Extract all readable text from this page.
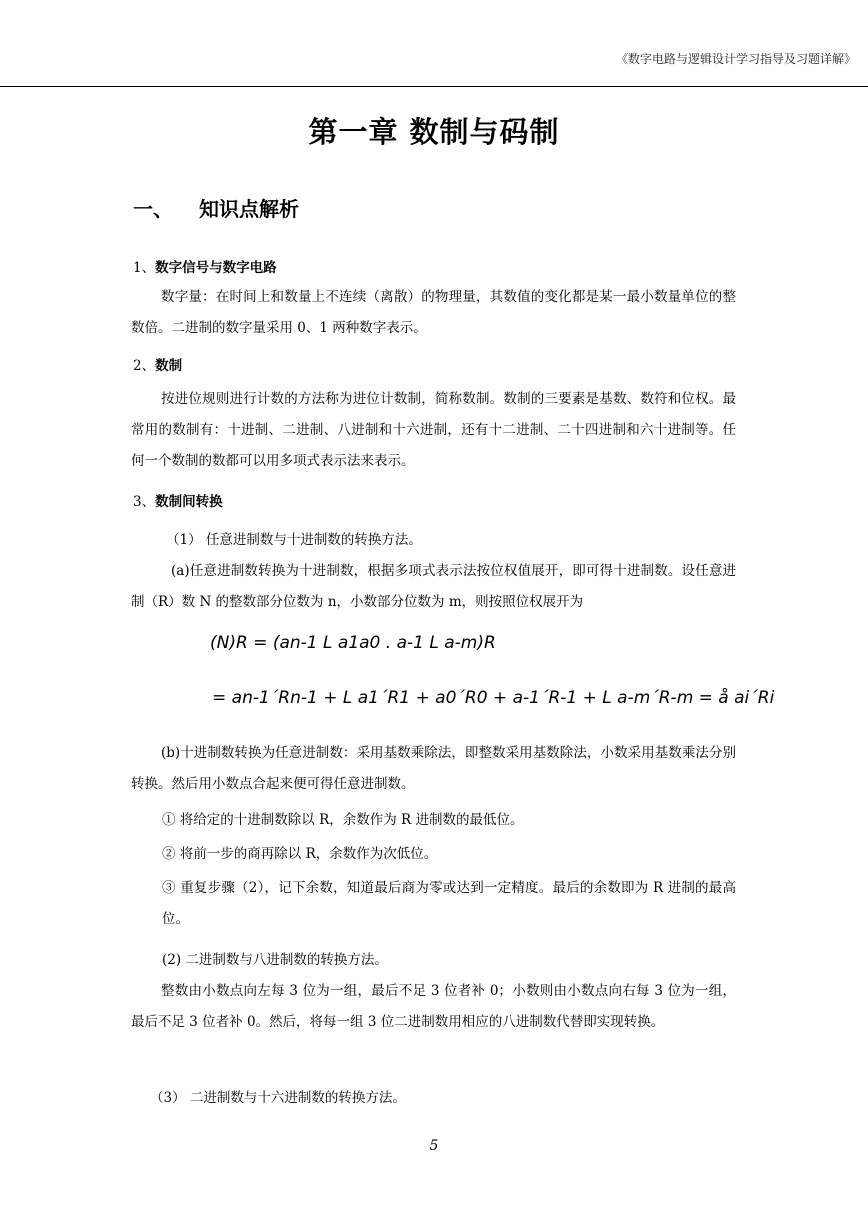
《数字电路与逻辑设计学习指导及习题详解》
第一章 数制与码制
一、 知识点解析
1、数字信号与数字电路
数字量：在时间上和数量上不连续（离散）的物理量，其数值的变化都是某一最小数量单位的整数倍。二进制的数字量采用 0、1 两种数字表示。
2、数制
按进位规则进行计数的方法称为进位计数制，简称数制。数制的三要素是基数、数符和位权。最常用的数制有：十进制、二进制、八进制和十六进制，还有十二进制、二十四进制和六十进制等。任何一个数制的数都可以用多项式表示法来表示。
3、数制间转换
（1） 任意进制数与十进制数的转换方法。
(a)任意进制数转换为十进制数，根据多项式表示法按位权值展开，即可得十进制数。设任意进制（R）数 N 的整数部分位数为 n，小数部分位数为 m，则按照位权展开为
(N)R = (an-1 L a1a0 . a-1 L a-m)R
= an-1´Rn-1 + L a1´R1 + a0´R0 + a-1´R-1 + L a-m´R-m = å ai´Ri
(b)十进制数转换为任意进制数：采用基数乘除法，即整数采用基数除法，小数采用基数乘法分别转换。然后用小数点合起来便可得任意进制数。
① 将给定的十进制数除以 R，余数作为 R 进制数的最低位。
② 将前一步的商再除以 R，余数作为次低位。
③ 重复步骤（2），记下余数，知道最后商为零或达到一定精度。最后的余数即为 R 进制的最高位。
(2) 二进制数与八进制数的转换方法。
整数由小数点向左每 3 位为一组，最后不足 3 位者补 0；小数则由小数点向右每 3 位为一组，最后不足 3 位者补 0。然后，将每一组 3 位二进制数用相应的八进制数代替即实现转换。
（3） 二进制数与十六进制数的转换方法。
5
